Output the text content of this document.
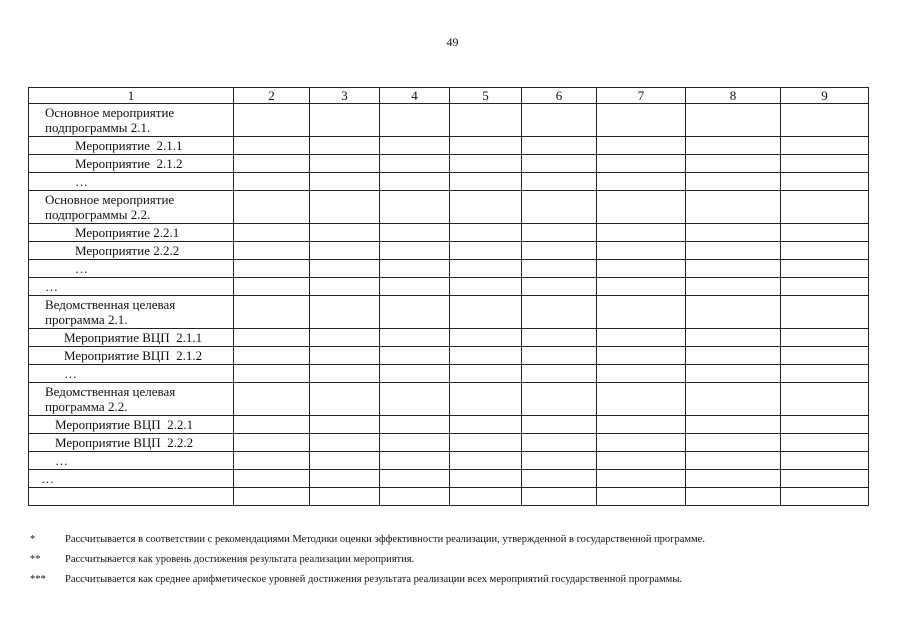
49
1	2	3	4	5	6	7	8	9
Основное мероприятие
подпрограммы 2.1.								
Мероприятие  2.1.1								
Мероприятие  2.1.2								
…								
Основное мероприятие
подпрограммы 2.2.								
Мероприятие 2.2.1								
Мероприятие 2.2.2								
…								
…								
Ведомственная целевая
программа 2.1.								
Мероприятие ВЦП  2.1.1								
Мероприятие ВЦП  2.1.2								
…								
Ведомственная целевая
программа 2.2.								
Мероприятие ВЦП  2.2.1								
Мероприятие ВЦП  2.2.2								
…								
…								

*	Рассчитывается в соответствии с рекомендациями Методики оценки эффективности реализации, утвержденной в государственной программе.
** Рассчитывается как уровень достижения результата реализации мероприятия.
*** Рассчитывается как среднее арифметическое уровней достижения результата реализации всех мероприятий государственной программы.
